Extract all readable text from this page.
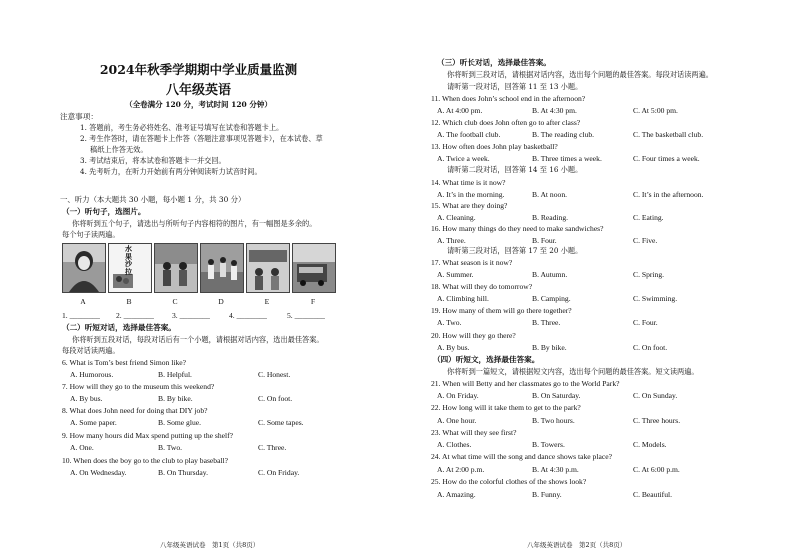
2024年秋季学期期中学业质量监测
八年级英语
（全卷满分 120 分，考试时间 120 分钟）
注意事项：
1. 答题前，考生务必将姓名、准考证号填写在试卷和答题卡上。
2. 考生作答时，请在答题卡上作答（答题注意事项见答题卡），在本试卷、草
稿纸上作答无效。
3. 考试结束后，将本试卷和答题卡一并交回。
4. 先考听力，在听力开始前有两分钟阅读听力试音时间。
一、听力（本大题共 30 小题，每小题 1 分，共 30 分）
（一）听句子，选图片。
你将听到五个句子，请选出与所听句子内容相符的图片，有一幅图是多余的。
每个句子读两遍。
水果沙拉
A	B	C	D	E	F
1. ________ 2. ________ 3. ________	4. ________	5. ________
（二）听短对话，选择最佳答案。
你将听到五段对话，每段对话后有一个小题，请根据对话内容，选出最佳答案。
每段对话读两遍。
6. What is Tom’s best friend Simon like?
A. Humorous.	B. Helpful.	C. Honest.
7. How will they go to the museum this weekend?
A. By bus.	B. By bike.	C. On foot.
8. What does John need for doing that DIY job?
A. Some paper.	B. Some glue.	C. Some tapes.
9. How many hours did Max spend putting up the shelf?
A. One.	B. Two.	C. Three.
10. When does the boy go to the club to play baseball?
A. On Wednesday.	B. On Thursday.	C. On Friday.
八年级英语试卷　第1页（共8页）
（三）听长对话，选择最佳答案。
你将听到三段对话，请根据对话内容，选出每个问题的最佳答案。每段对话读两遍。
请听第一段对话，回答第 11 至 13 小题。
11. When does John’s school end in the afternoon?
A. At 4:00 pm.	B. At 4:30 pm.	C. At 5:00 pm.
12. Which club does John often go to after class?
A. The football club.	B. The reading club.	C. The basketball club.
13. How often does John play basketball?
A. Twice a week.	B. Three times a week.	C. Four times a week.
请听第二段对话，回答第 14 至 16 小题。
14. What time is it now?
A. It’s in the morning.	B. At noon.	C. It’s in the afternoon.
15. What are they doing?
A. Cleaning.	B. Reading.	C. Eating.
16. How many things do they need to make sandwiches?
A. Three.	B. Four.	C. Five.
请听第三段对话，回答第 17 至 20 小题。
17. What season is it now?
A. Summer.	B. Autumn.	C. Spring.
18. What will they do tomorrow?
A. Climbing hill.	B. Camping.	C. Swimming.
19. How many of them will go there together?
A. Two.	B. Three.	C. Four.
20. How will they go there?
A. By bus.	B. By bike.	C. On foot.
（四）听短文，选择最佳答案。
你将听到一篇短文，请根据短文内容，选出每个问题的最佳答案。短文读两遍。
21. When will Betty and her classmates go to the World Park?
A. On Friday.	B. On Saturday.	C. On Sunday.
22. How long will it take them to get to the park?
A. One hour.	B. Two hours.	C. Three hours.
23. What will they see first?
A. Clothes.	B. Towers.	C. Models.
24. At what time will the song and dance shows take place?
A. At 2:00 p.m.	B. At 4:30 p.m.	C. At 6:00 p.m.
25. How do the colorful clothes of the shows look?
A. Amazing.	B. Funny.	C. Beautiful.
八年级英语试卷　第2页（共8页）
